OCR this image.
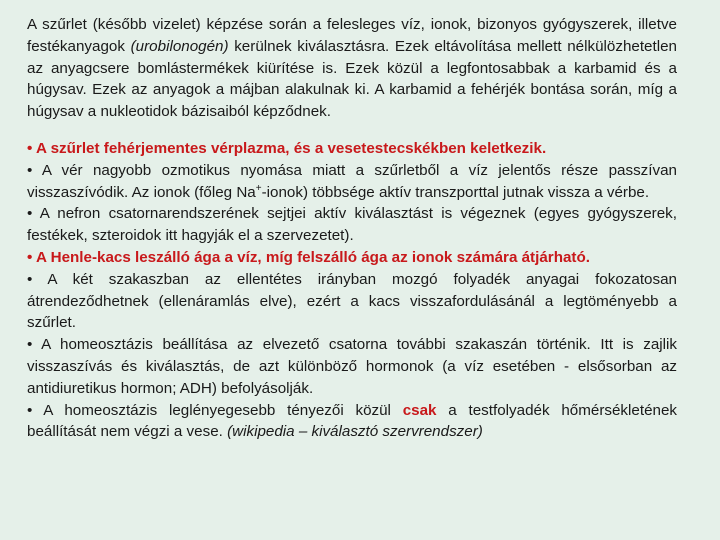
A szűrlet (később vizelet) képzése során a felesleges víz, ionok, bizonyos gyógyszerek, illetve festékanyagok (urobilonogén) kerülnek kiválasztásra. Ezek eltávolítása mellett nélkülözhetetlen az anyagcsere bomlástermékek kiürítése is. Ezek közül a legfontosabbak a karbamid és a húgysav. Ezek az anyagok a májban alakulnak ki. A karbamid a fehérjék bontása során, míg a húgysav a nukleotidok bázisaiból képződnek.

• A szűrlet fehérjementes vérplazma, és a vesetestecskékben keletkezik.

• A vér nagyobb ozmotikus nyomása miatt a szűrletből a víz jelentős része passzívan visszaszívódik. Az ionok (főleg Na+-ionok) többsége aktív transzporttal jutnak vissza a vérbe.

• A nefron csatornarendszerének sejtjei aktív kiválasztást is végeznek (egyes gyógyszerek, festékek, szteroidok itt hagyják el a szervezetet).

• A Henle-kacs leszálló ága a víz, míg felszálló ága az ionok számára átjárható.

• A két szakaszban az ellentétes irányban mozgó folyadék anyagai fokozatosan átrendeződhetnek (ellenáramlás elve), ezért a kacs visszafordulásánál a legtöményebb a szűrlet.

• A homeosztázis beállítása az elvezető csatorna további szakaszán történik. Itt is zajlik visszaszívás és kiválasztás, de azt különböző hormonok (a víz esetében - elsősorban az antidiuretikus hormon; ADH) befolyásolják.

• A homeosztázis leglényegesebb tényezői közül csak a testfolyadék hőmérsékletének beállítását nem végzi a vese. (wikipedia – kiválasztó szervrendszer)
